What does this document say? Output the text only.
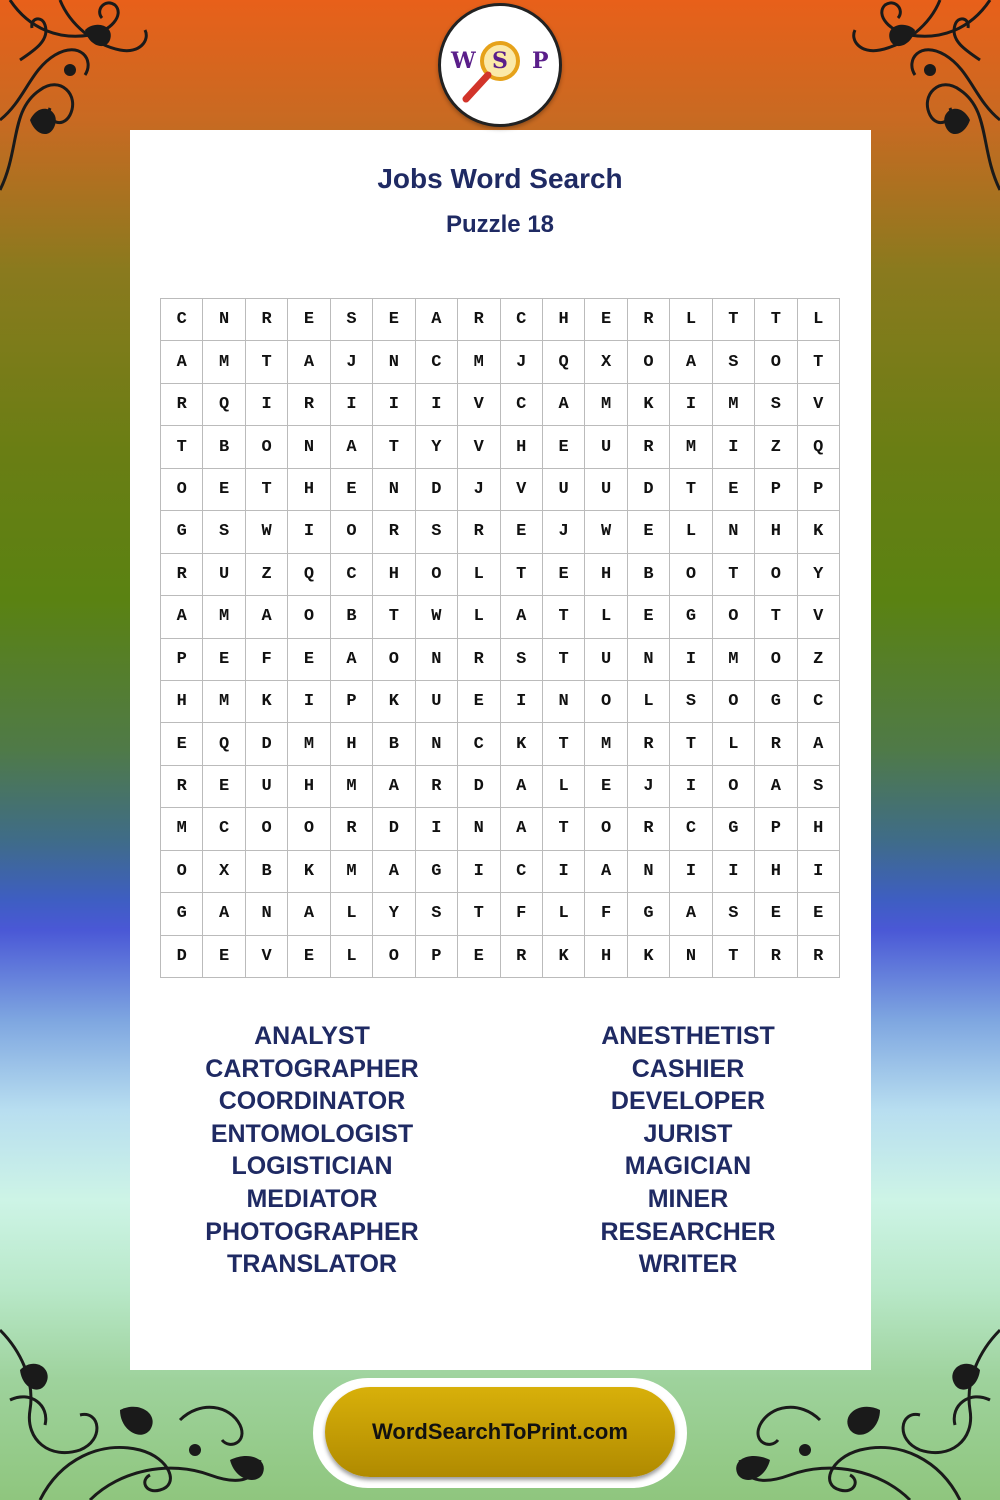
W S P
Jobs Word Search
Puzzle 18
C	N	R	E	S	E	A	R	C	H	E	R	L	T	T	L
A	M	T	A	J	N	C	M	J	Q	X	O	A	S	O	T
R	Q	I	R	I	I	I	V	C	A	M	K	I	M	S	V
T	B	O	N	A	T	Y	V	H	E	U	R	M	I	Z	Q
O	E	T	H	E	N	D	J	V	U	U	D	T	E	P	P
G	S	W	I	O	R	S	R	E	J	W	E	L	N	H	K
R	U	Z	Q	C	H	O	L	T	E	H	B	O	T	O	Y
A	M	A	O	B	T	W	L	A	T	L	E	G	O	T	V
P	E	F	E	A	O	N	R	S	T	U	N	I	M	O	Z
H	M	K	I	P	K	U	E	I	N	O	L	S	O	G	C
E	Q	D	M	H	B	N	C	K	T	M	R	T	L	R	A
R	E	U	H	M	A	R	D	A	L	E	J	I	O	A	S
M	C	O	O	R	D	I	N	A	T	O	R	C	G	P	H
O	X	B	K	M	A	G	I	C	I	A	N	I	I	H	I
G	A	N	A	L	Y	S	T	F	L	F	G	A	S	E	E
D	E	V	E	L	O	P	E	R	K	H	K	N	T	R	R
ANALYST
CARTOGRAPHER
COORDINATOR
ENTOMOLOGIST
LOGISTICIAN
MEDIATOR
PHOTOGRAPHER
TRANSLATOR
ANESTHETIST
CASHIER
DEVELOPER
JURIST
MAGICIAN
MINER
RESEARCHER
WRITER
WordSearchToPrint.com
